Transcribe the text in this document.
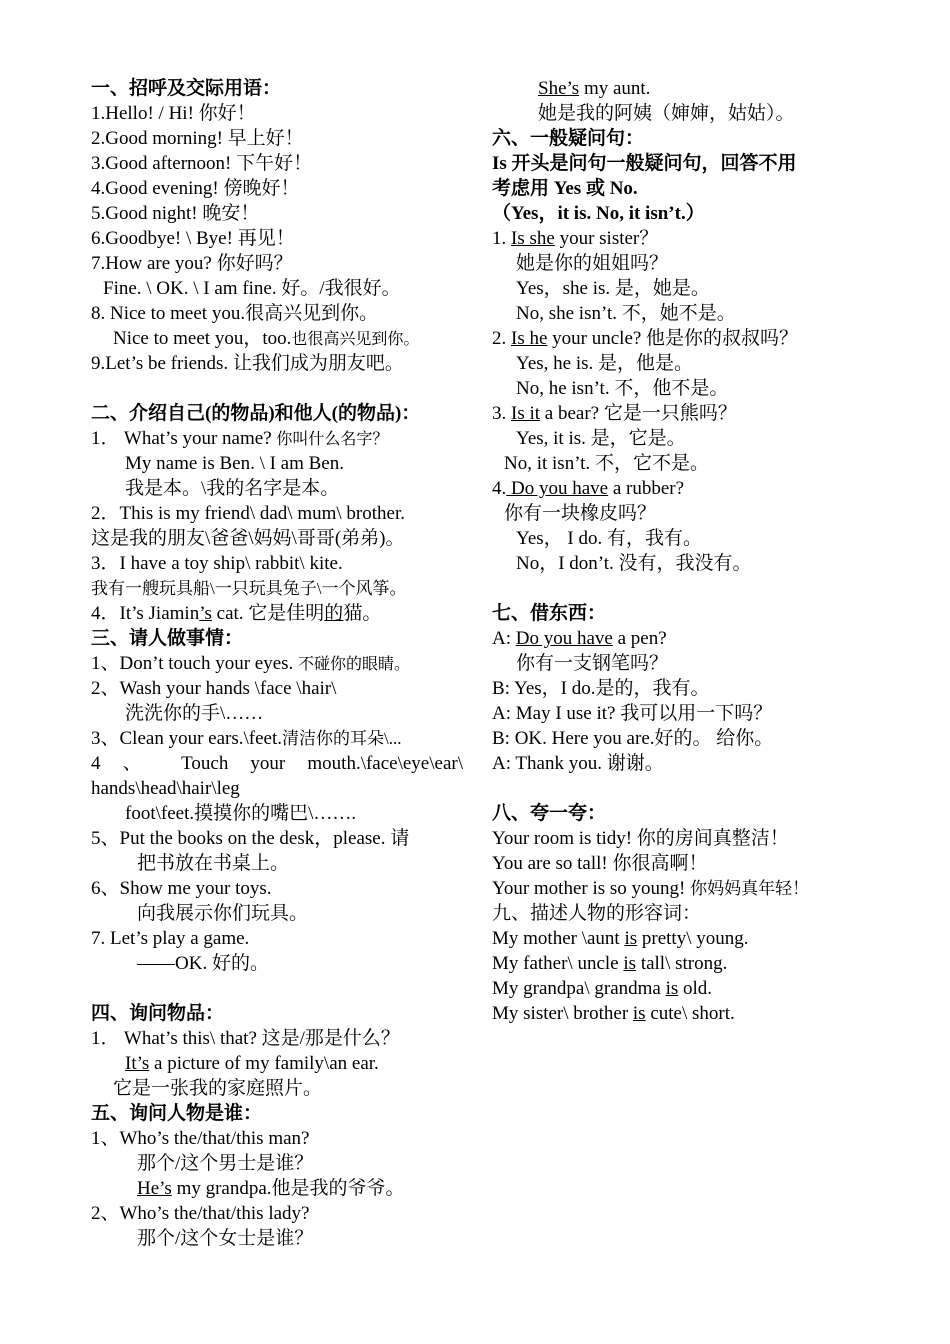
一、招呼及交际用语：
1.Hello! / Hi! 你好！
2.Good morning! 早上好！
3.Good afternoon! 下午好！
4.Good evening! 傍晚好！
5.Good night! 晚安！
6.Goodbye! \ Bye! 再见！
7.How are you? 你好吗？
Fine. \ OK. \ I am fine. 好。/我很好。
8. Nice to meet you.很高兴见到你。
Nice to meet you，too.也很高兴见到你。
9.Let’s be friends. 让我们成为朋友吧。
二、介绍自己(的物品)和他人(的物品)：
1． What’s your name? 你叫什么名字？
My name is Ben. \ I am Ben.
我是本。\我的名字是本。
2．This is my friend\ dad\ mum\ brother.
这是我的朋友\爸爸\妈妈\哥哥(弟弟)。
3．I have a toy ship\ rabbit\ kite.
我有一艘玩具船\一只玩具兔子\一个风筝。
4．It’s Jiamin’s cat. 它是佳明的猫。
三、请人做事情：
1、Don’t touch your eyes. 不碰你的眼睛。
2、Wash your hands \face \hair\
洗洗你的手\……
3、Clean your ears.\feet.清洁你的耳朵\...
4 、 Touch your mouth.\face\eye\ear\
hands\head\hair\leg
foot\feet.摸摸你的嘴巴\…….
5、Put the books on the desk，please. 请
把书放在书桌上。
6、Show me your toys.
向我展示你们玩具。
7. Let’s play a game.
——OK. 好的。
四、询问物品：
1． What’s this\ that? 这是/那是什么？
It’s a picture of my family\an ear.
它是一张我的家庭照片。
五、询问人物是谁：
1、Who’s the/that/this man?
那个/这个男士是谁？
He’s my grandpa.他是我的爷爷。
2、Who’s the/that/this lady?
那个/这个女士是谁？
She’s my aunt.
她是我的阿姨（婶婶，姑姑）。
六、一般疑问句：
Is 开头是问句一般疑问句，回答不用
考虑用 Yes 或 No.
（Yes，it is. No, it isn’t.）
1. Is she your sister？
她是你的姐姐吗？
Yes，she is. 是，她是。
No, she isn’t. 不，她不是。
2. Is he your uncle? 他是你的叔叔吗？
Yes, he is. 是，他是。
No, he isn’t. 不，他不是。
3. Is it a bear? 它是一只熊吗？
Yes, it is. 是，它是。
No, it isn’t. 不，它不是。
4. Do you have a rubber?
你有一块橡皮吗？
Yes， I do. 有，我有。
No，I don’t. 没有，我没有。
七、借东西：
A: Do you have a pen?
你有一支钢笔吗？
B: Yes，I do.是的，我有。
A: May I use it? 我可以用一下吗？
B: OK. Here you are.好的。 给你。
A: Thank you. 谢谢。
八、夸一夸：
Your room is tidy! 你的房间真整洁！
You are so tall! 你很高啊！
Your mother is so young! 你妈妈真年轻！
九、描述人物的形容词：
My mother \aunt is pretty\ young.
My father\ uncle is tall\ strong.
My grandpa\ grandma is old.
My sister\ brother is cute\ short.
